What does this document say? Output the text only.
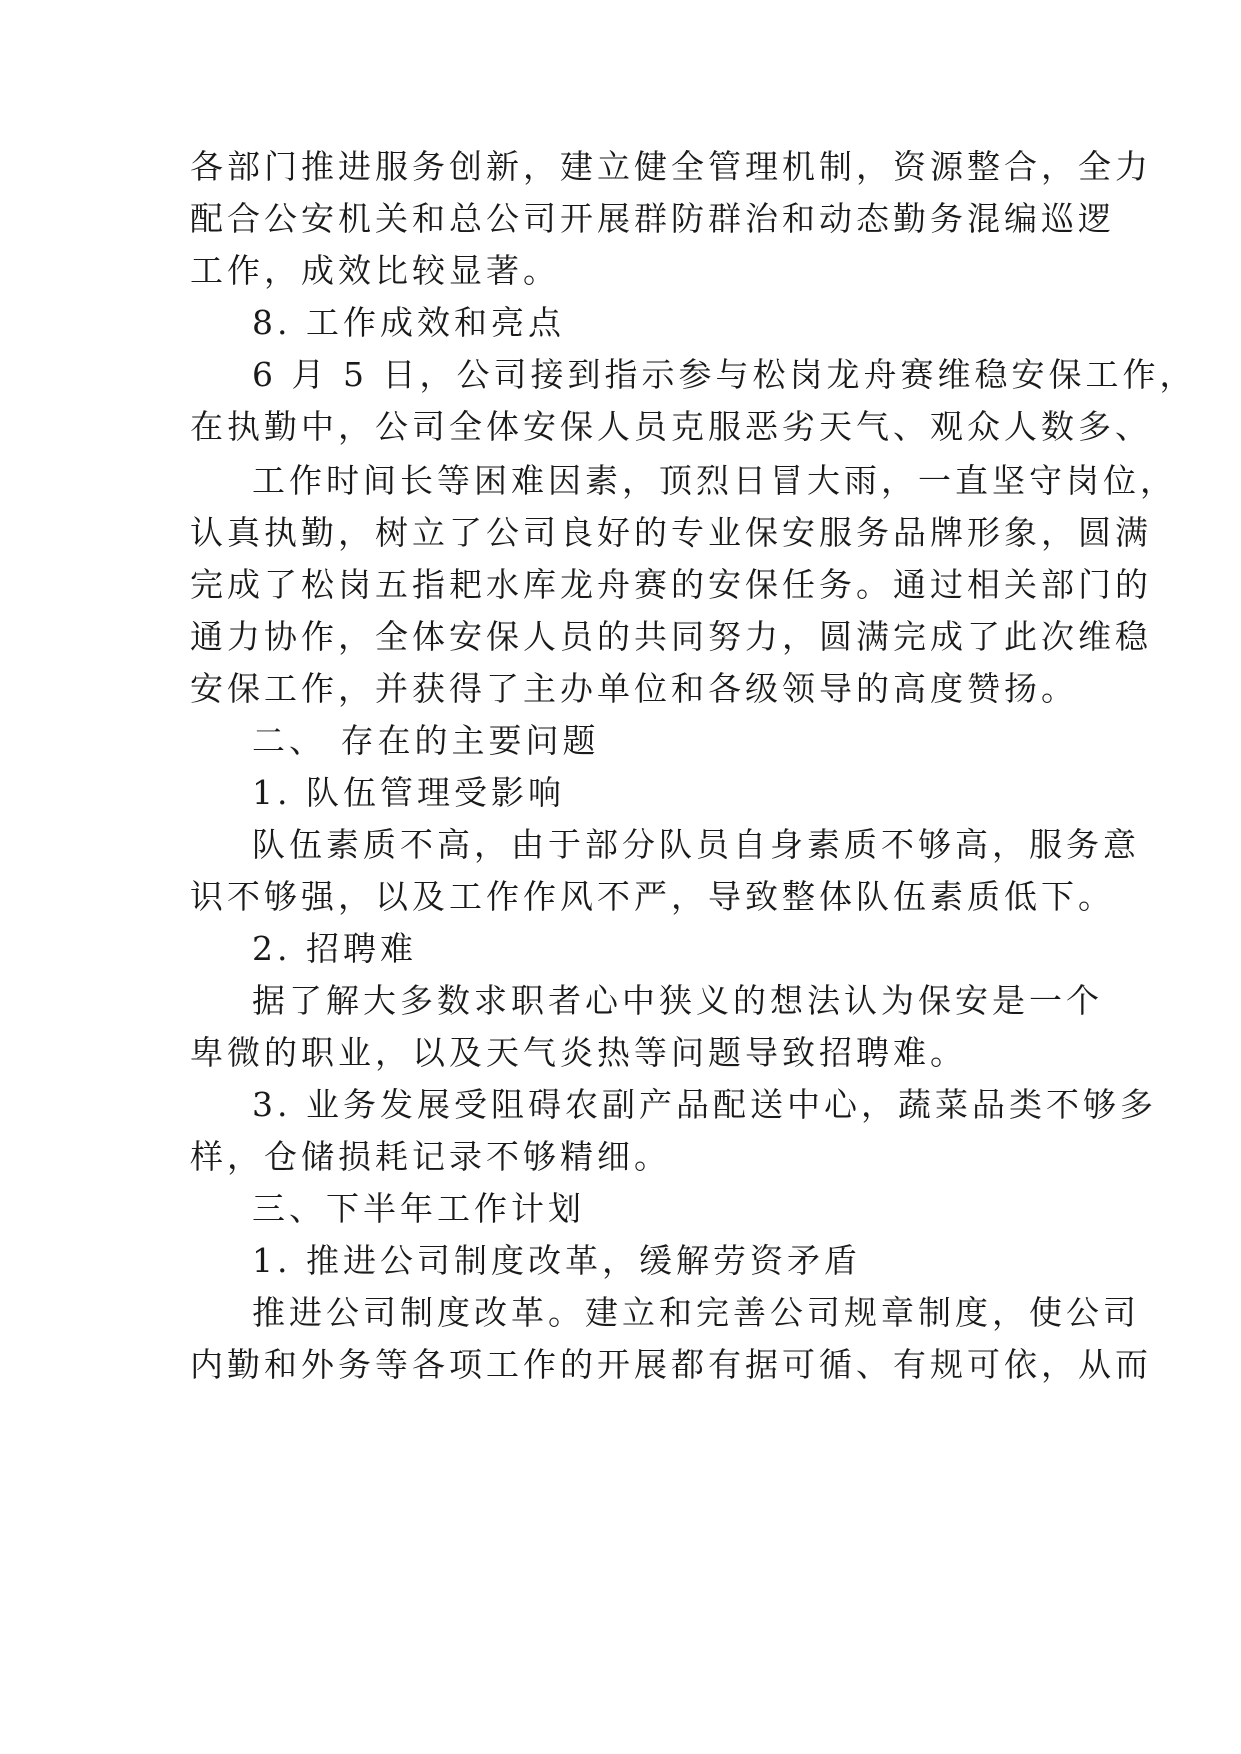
各部门推进服务创新，建立健全管理机制，资源整合，全力
配合公安机关和总公司开展群防群治和动态勤务混编巡逻
工作，成效比较显著。
8. 工作成效和亮点
6 月 5 日，公司接到指示参与松岗龙舟赛维稳安保工作，
在执勤中，公司全体安保人员克服恶劣天气、观众人数多、
工作时间长等困难因素，顶烈日冒大雨，一直坚守岗位，
认真执勤，树立了公司良好的专业保安服务品牌形象，圆满
完成了松岗五指耙水库龙舟赛的安保任务。通过相关部门的
通力协作，全体安保人员的共同努力，圆满完成了此次维稳
安保工作，并获得了主办单位和各级领导的高度赞扬。
二、 存在的主要问题
1. 队伍管理受影响
队伍素质不高，由于部分队员自身素质不够高，服务意
识不够强，以及工作作风不严，导致整体队伍素质低下。
2. 招聘难
据了解大多数求职者心中狭义的想法认为保安是一个
卑微的职业，以及天气炎热等问题导致招聘难。
3. 业务发展受阻碍农副产品配送中心，蔬菜品类不够多
样，仓储损耗记录不够精细。
三、下半年工作计划
1. 推进公司制度改革，缓解劳资矛盾
推进公司制度改革。建立和完善公司规章制度，使公司
内勤和外务等各项工作的开展都有据可循、有规可依，从而
